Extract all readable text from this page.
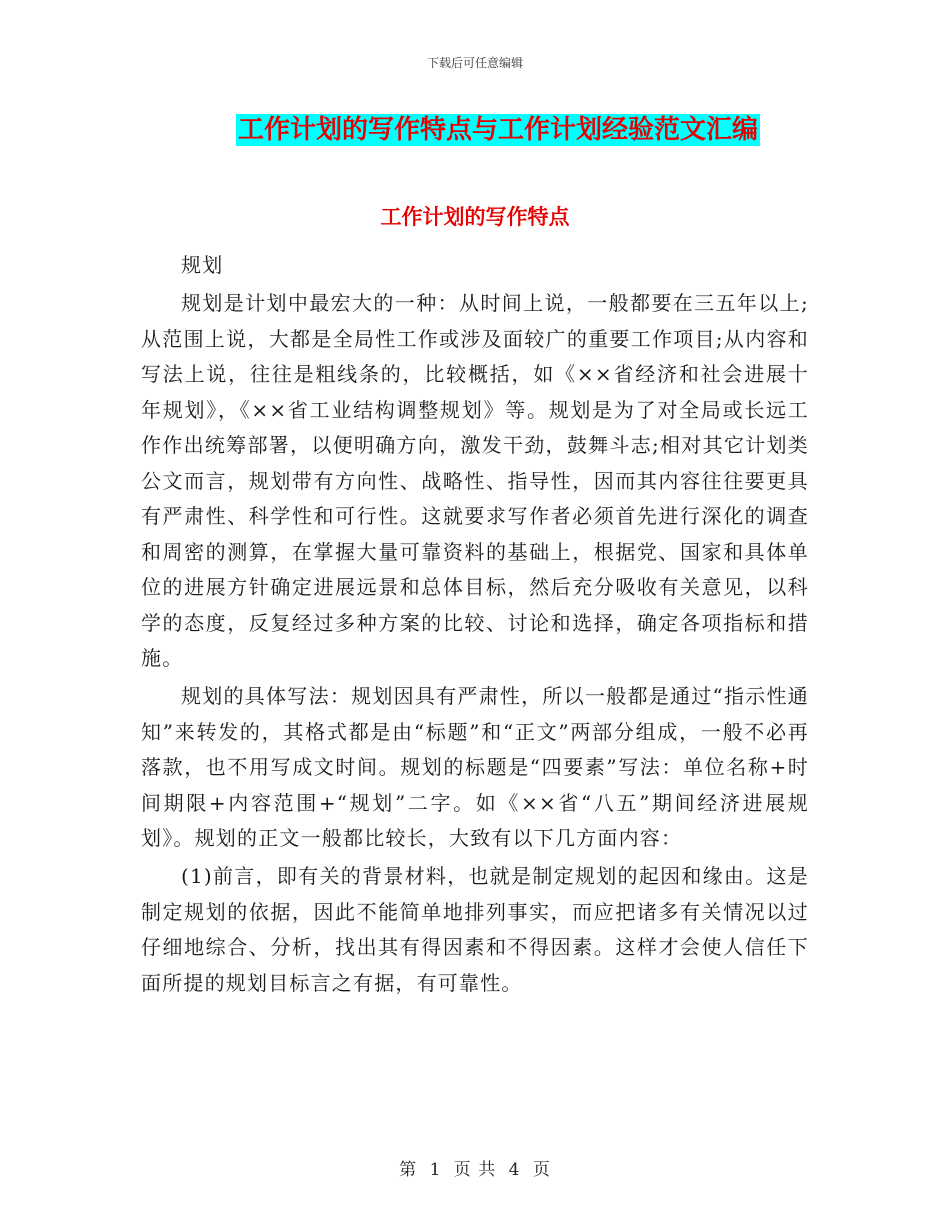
下载后可任意编辑
工作计划的写作特点与工作计划经验范文汇编
工作计划的写作特点

规划

规划是计划中最宏大的一种：从时间上说，一般都要在三五年以上;从范围上说，大都是全局性工作或涉及面较广的重要工作项目;从内容和写法上说，往往是粗线条的，比较概括，如《××省经济和社会进展十年规划》，《××省工业结构调整规划》等。规划是为了对全局或长远工作作出统筹部署，以便明确方向，激发干劲，鼓舞斗志;相对其它计划类公文而言，规划带有方向性、战略性、指导性，因而其内容往往要更具有严肃性、科学性和可行性。这就要求写作者必须首先进行深化的调查和周密的测算，在掌握大量可靠资料的基础上，根据党、国家和具体单位的进展方针确定进展远景和总体目标，然后充分吸收有关意见，以科学的态度，反复经过多种方案的比较、讨论和选择，确定各项指标和措施。

规划的具体写法：规划因具有严肃性，所以一般都是通过“指示性通知”来转发的，其格式都是由“标题”和“正文”两部分组成，一般不必再落款，也不用写成文时间。规划的标题是“四要素”写法：单位名称+时间期限+内容范围+“规划”二字。如《××省“八五”期间经济进展规划》。规划的正文一般都比较长，大致有以下几方面内容：

(1)前言，即有关的背景材料，也就是制定规划的起因和缘由。这是制定规划的依据，因此不能简单地排列事实，而应把诸多有关情况以过仔细地综合、分析，找出其有得因素和不得因素。这样才会使人信任下面所提的规划目标言之有据，有可靠性。

第 1 页 共 4 页
